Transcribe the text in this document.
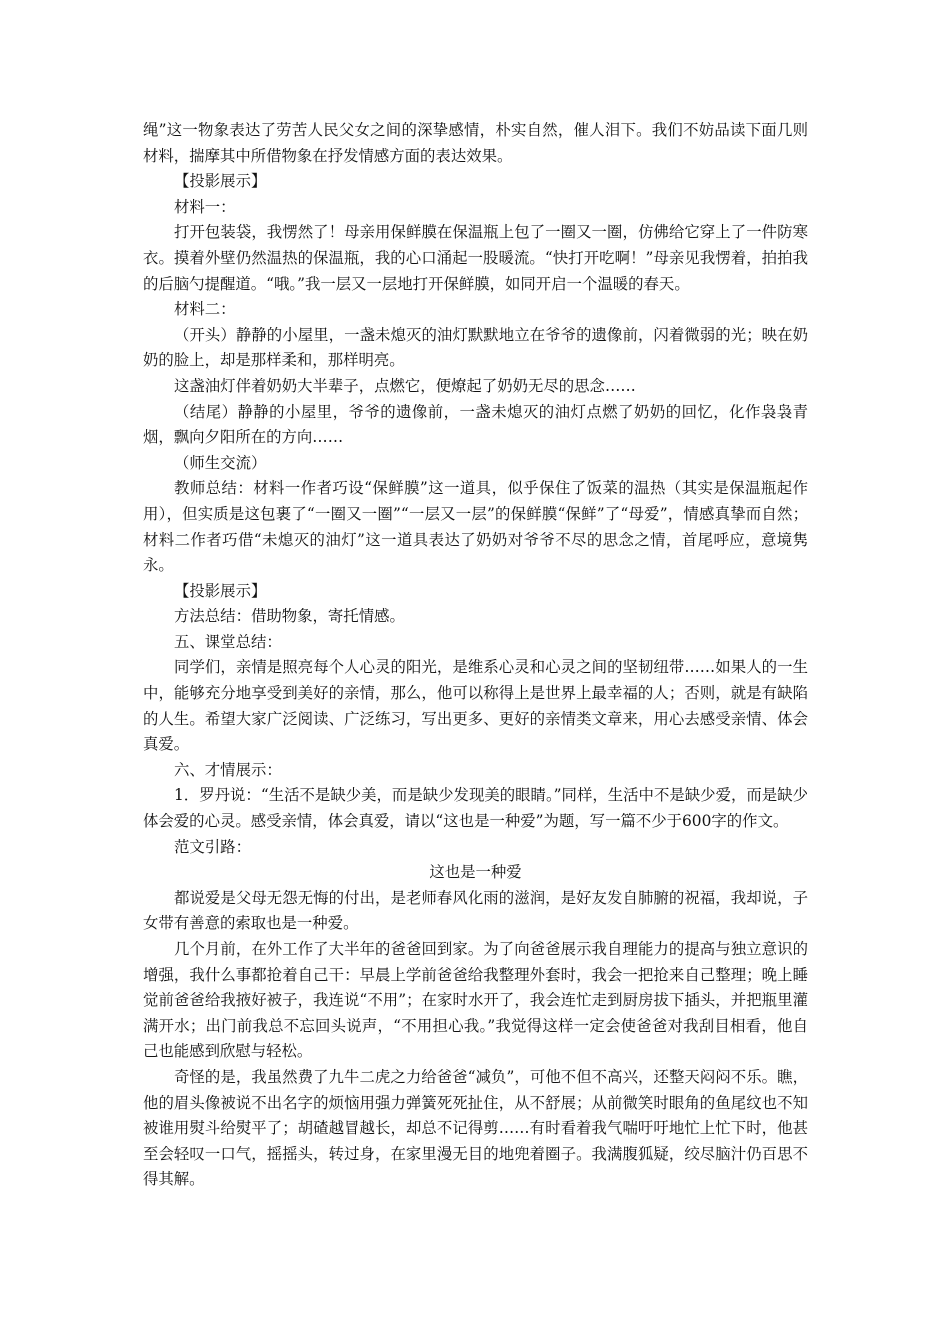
绳”这一物象表达了劳苦人民父女之间的深挚感情，朴实自然，催人泪下。我们不妨品读下面几则材料，揣摩其中所借物象在抒发情感方面的表达效果。

【投影展示】

材料一：

打开包装袋，我愣然了！母亲用保鲜膜在保温瓶上包了一圈又一圈，仿佛给它穿上了一件防寒衣。摸着外壁仍然温热的保温瓶，我的心口涌起一股暖流。“快打开吃啊！”母亲见我愣着，拍拍我的后脑勺提醒道。“哦。”我一层又一层地打开保鲜膜，如同开启一个温暖的春天。

材料二：

（开头）静静的小屋里，一盏未熄灭的油灯默默地立在爷爷的遗像前，闪着微弱的光；映在奶奶的脸上，却是那样柔和，那样明亮。

这盏油灯伴着奶奶大半辈子，点燃它，便燎起了奶奶无尽的思念……

（结尾）静静的小屋里，爷爷的遗像前，一盏未熄灭的油灯点燃了奶奶的回忆，化作袅袅青烟，飘向夕阳所在的方向……

（师生交流）

教师总结：材料一作者巧设“保鲜膜”这一道具，似乎保住了饭菜的温热（其实是保温瓶起作用），但实质是这包裹了“一圈又一圈”“一层又一层”的保鲜膜“保鲜”了“母爱”，情感真挚而自然；材料二作者巧借“未熄灭的油灯”这一道具表达了奶奶对爷爷不尽的思念之情，首尾呼应，意境隽永。

【投影展示】

方法总结：借助物象，寄托情感。

五、课堂总结：

同学们，亲情是照亮每个人心灵的阳光，是维系心灵和心灵之间的坚韧纽带……如果人的一生中，能够充分地享受到美好的亲情，那么，他可以称得上是世界上最幸福的人；否则，就是有缺陷的人生。希望大家广泛阅读、广泛练习，写出更多、更好的亲情类文章来，用心去感受亲情、体会真爱。

六、才情展示：

1．罗丹说：“生活不是缺少美，而是缺少发现美的眼睛。”同样，生活中不是缺少爱，而是缺少体会爱的心灵。感受亲情，体会真爱，请以“这也是一种爱”为题，写一篇不少于600字的作文。

范文引路：

这也是一种爱

都说爱是父母无怨无悔的付出，是老师春风化雨的滋润，是好友发自肺腑的祝福，我却说，子女带有善意的索取也是一种爱。

几个月前，在外工作了大半年的爸爸回到家。为了向爸爸展示我自理能力的提高与独立意识的增强，我什么事都抢着自己干：早晨上学前爸爸给我整理外套时，我会一把抢来自己整理；晚上睡觉前爸爸给我掖好被子，我连说“不用”；在家时水开了，我会连忙走到厨房拔下插头，并把瓶里灌满开水；出门前我总不忘回头说声，“不用担心我。”我觉得这样一定会使爸爸对我刮目相看，他自己也能感到欣慰与轻松。

奇怪的是，我虽然费了九牛二虎之力给爸爸“减负”，可他不但不高兴，还整天闷闷不乐。瞧，他的眉头像被说不出名字的烦恼用强力弹簧死死扯住，从不舒展；从前微笑时眼角的鱼尾纹也不知被谁用熨斗给熨平了；胡碴越冒越长，却总不记得剪……有时看着我气喘吁吁地忙上忙下时，他甚至会轻叹一口气，摇摇头，转过身，在家里漫无目的地兜着圈子。我满腹狐疑，绞尽脑汁仍百思不得其解。
